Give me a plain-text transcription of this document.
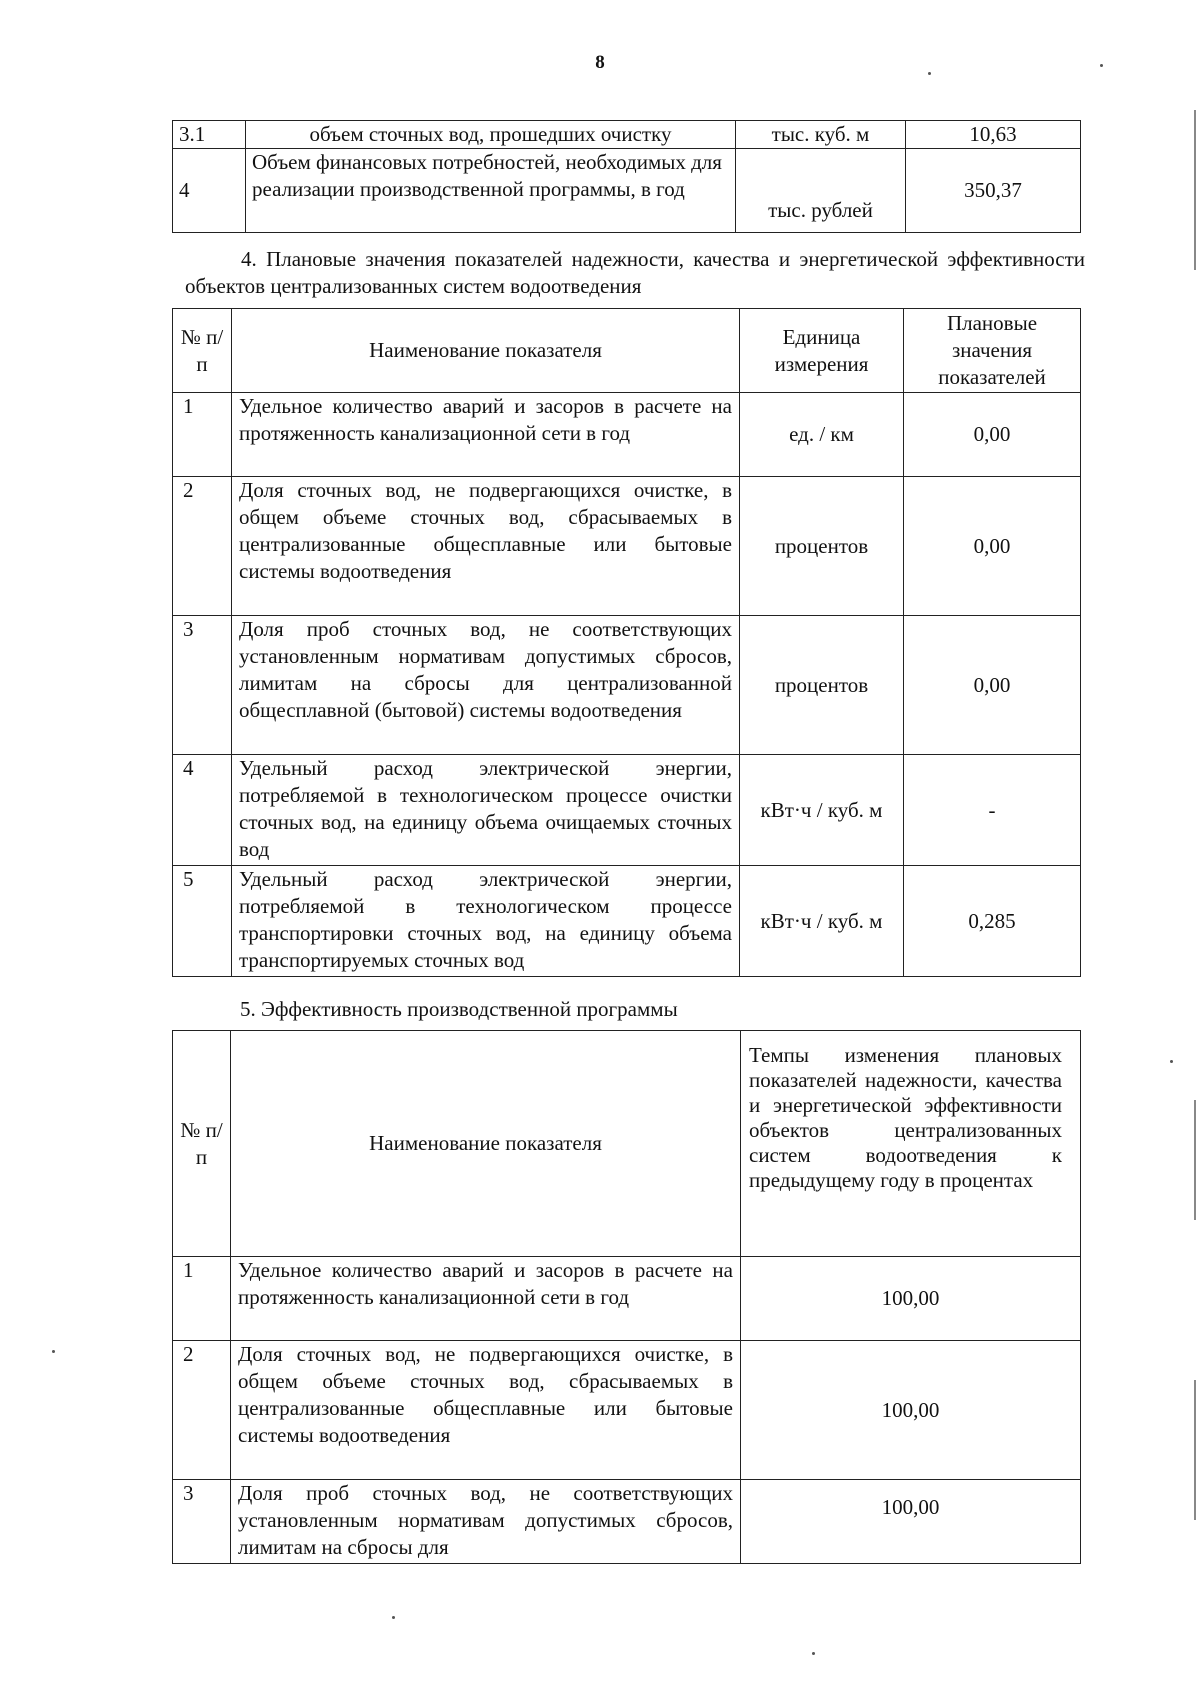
8
3.1	объем сточных вод, прошедших очистку	тыс. куб. м	10,63
4	Объем финансовых потребностей, необходимых для реализации производственной программы, в год	тыс. рублей	350,37
4. Плановые значения показателей надежности, качества и энергетической эффективности объектов централизованных систем водоотведения
№ п/п	Наименование показателя	Единица измерения	Плановые значения показателей
1	Удельное количество аварий и засоров в расчете на протяженность канализационной сети в год	ед. / км	0,00
2	Доля сточных вод, не подвергающихся очистке, в общем объеме сточных вод, сбрасываемых в централизованные общесплавные или бытовые системы водоотведения	процентов	0,00
3	Доля проб сточных вод, не соответствующих установленным нормативам допустимых сбросов, лимитам на сбросы для централизованной общесплавной (бытовой) системы водоотведения	процентов	0,00
4	Удельный расход электрической энергии, потребляемой в технологическом процессе очистки сточных вод, на единицу объема очищаемых сточных вод	кВт·ч / куб. м	-
5	Удельный расход электрической энергии, потребляемой в технологическом процессе транспортировки сточных вод, на единицу объема транспортируемых сточных вод	кВт·ч / куб. м	0,285
5. Эффективность производственной программы
№ п/п	Наименование показателя	Темпы изменения плановых показателей надежности, качества и энергетической эффективности объектов централизованных систем водоотведения к предыдущему году в процентах
1	Удельное количество аварий и засоров в расчете на протяженность канализационной сети в год	100,00
2	Доля сточных вод, не подвергающихся очистке, в общем объеме сточных вод, сбрасываемых в централизованные общесплавные или бытовые системы водоотведения	100,00
3	Доля проб сточных вод, не соответствующих установленным нормативам допустимых сбросов, лимитам на сбросы для	100,00
